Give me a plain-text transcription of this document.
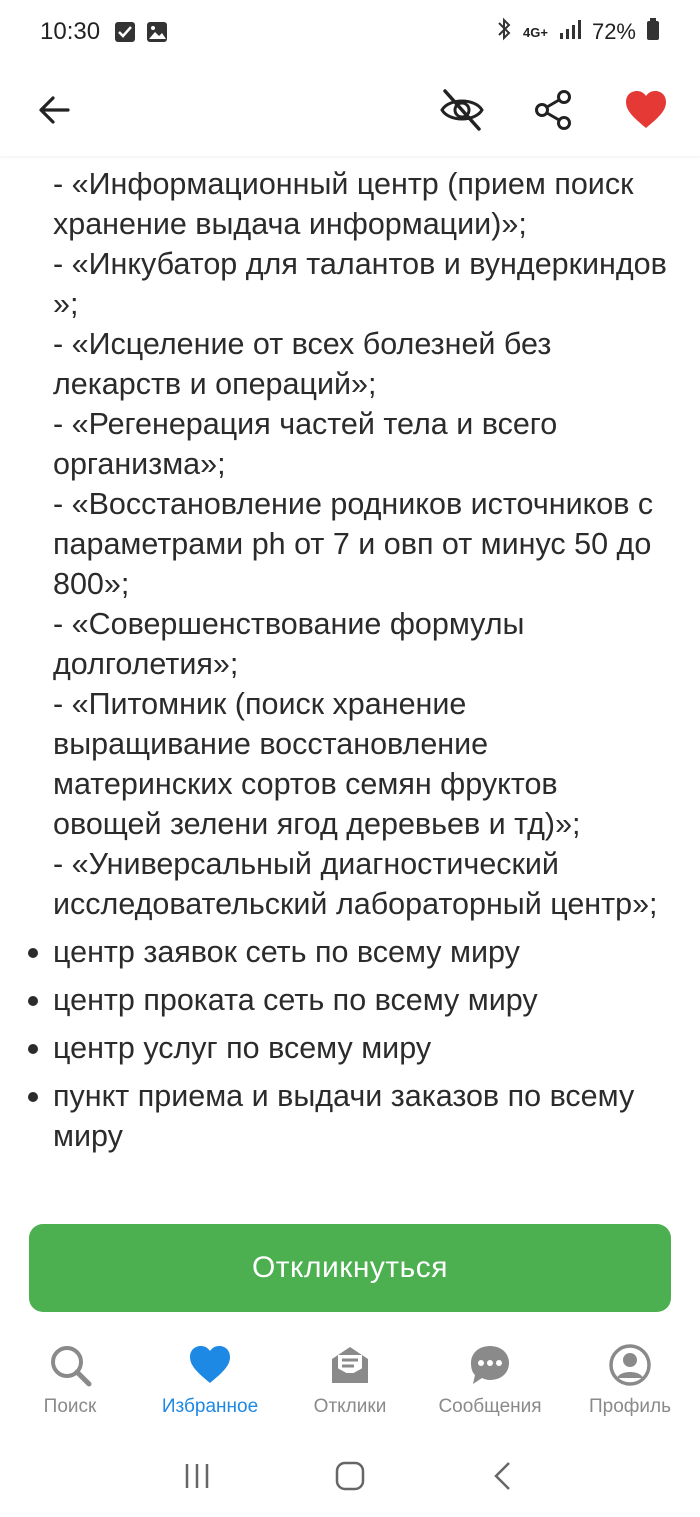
10:30	4G+ 72%
- «Информационный центр (прием поиск хранение выдача информации)»;
- «Инкубатор для талантов и вундеркиндов »;
- «Исцеление от всех болезней без лекарств и операций»;
- «Регенерация частей тела и всего организма»;
- «Восстановление родников источников с параметрами ph от 7 и овп от минус 50 до 800»;
- «Совершенствование формулы долголетия»;
- «Питомник (поиск хранение выращивание восстановление материнских сортов семян фруктов овощей зелени ягод деревьев и тд)»;
- «Универсальный диагностический исследовательский лабораторный центр»;
центр заявок сеть по всему миру
центр проката сеть по всему миру
центр услуг по всему миру
пункт приема и выдачи заказов по всему миру
Откликнуться
Поиск	Избранное	Отклики	Сообщения Профиль
